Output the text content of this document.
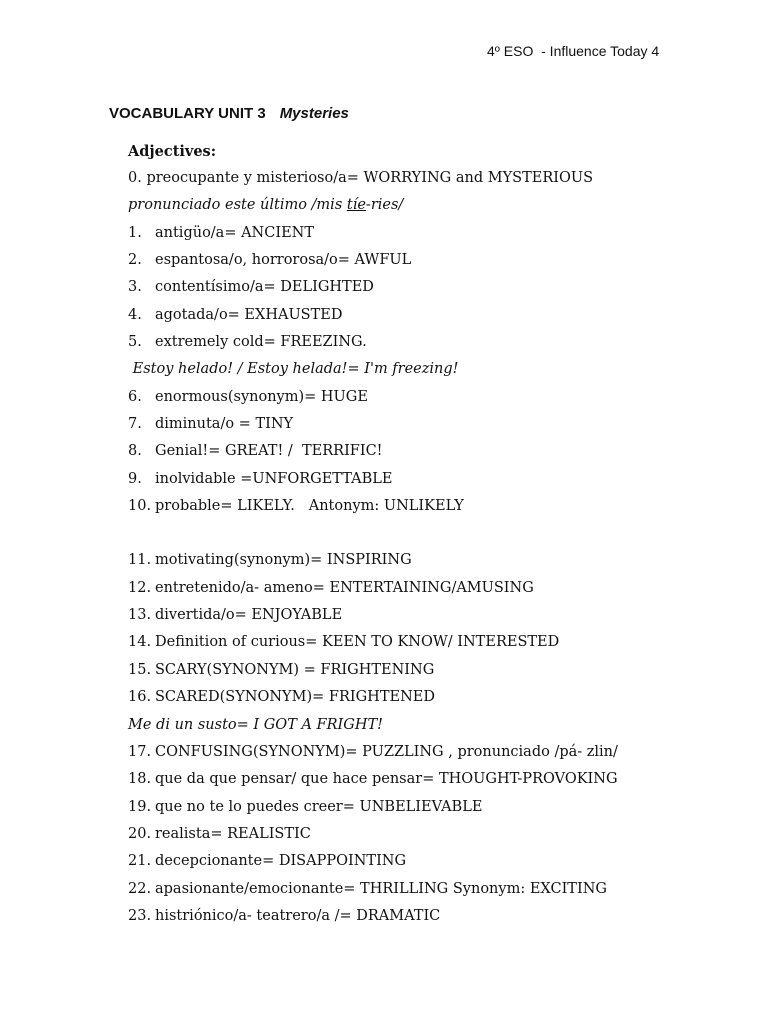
4º ESO  - Influence Today 4
VOCABULARY UNIT 3 Mysteries
Adjectives:
0. preocupante y misterioso/a= WORRYING and MYSTERIOUS
pronunciado este último /mis tíe-ries/
1. antigüo/a= ANCIENT
2. espantosa/o, horrorosa/o= AWFUL
3. contentísimo/a= DELIGHTED
4. agotada/o= EXHAUSTED
5. extremely cold= FREEZING.
Estoy helado! / Estoy helada!= I'm freezing!
6. enormous(synonym)= HUGE
7. diminuta/o = TINY
8. Genial!= GREAT! /  TERRIFIC!
9. inolvidable =UNFORGETTABLE
10. probable= LIKELY.   Antonym: UNLIKELY
11. motivating(synonym)= INSPIRING
12. entretenido/a- ameno= ENTERTAINING/AMUSING
13. divertida/o= ENJOYABLE
14. Definition of curious= KEEN TO KNOW/ INTERESTED
15. SCARY(SYNONYM) = FRIGHTENING
16. SCARED(SYNONYM)= FRIGHTENED
Me di un susto= I GOT A FRIGHT!
17. CONFUSING(SYNONYM)= PUZZLING , pronunciado /pá- zlin/
18. que da que pensar/ que hace pensar= THOUGHT-PROVOKING
19. que no te lo puedes creer= UNBELIEVABLE
20. realista= REALISTIC
21. decepcionante= DISAPPOINTING
22. apasionante/emocionante= THRILLING Synonym: EXCITING
23. histriónico/a- teatrero/a /= DRAMATIC
